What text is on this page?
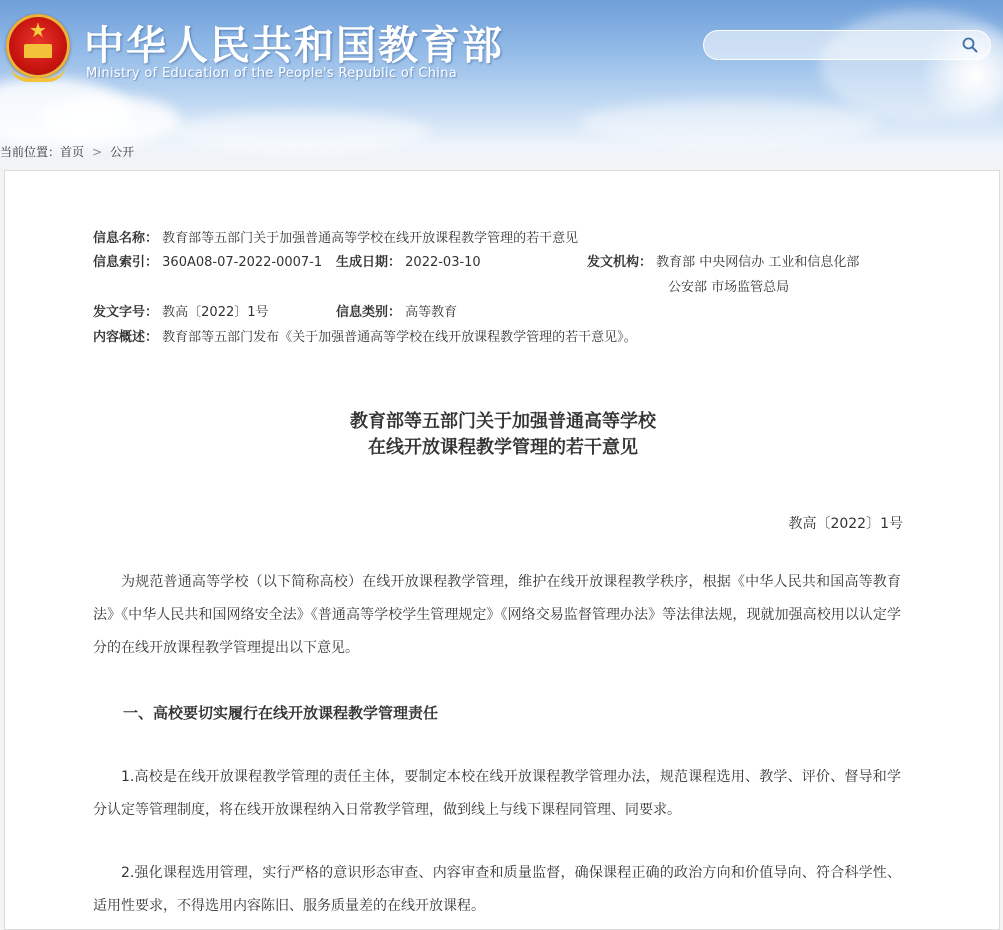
★ 中华人民共和国教育部
Ministry of Education of the People's Republic of China
当前位置：首页 > 公开
信息名称： 教育部等五部门关于加强普通高等学校在线开放课程教学管理的若干意见
信息索引： 360A08-07-2022-0007-1 生成日期： 2022-03-10	发文机构： 教育部 中央网信办 工业和信息化部
公安部 市场监管总局
发文字号： 教高〔2022〕1号	信息类别： 高等教育
内容概述： 教育部等五部门发布《关于加强普通高等学校在线开放课程教学管理的若干意见》。
教育部等五部门关于加强普通高等学校
在线开放课程教学管理的若干意见
教高〔2022〕1号

为规范普通高等学校（以下简称高校）在线开放课程教学管理，维护在线开放课程教学秩序，根据《中华人民共和国高等教育法》《中华人民共和国网络安全法》《普通高等学校学生管理规定》《网络交易监督管理办法》等法律法规，现就加强高校用以认定学分的在线开放课程教学管理提出以下意见。

一、高校要切实履行在线开放课程教学管理责任

1.高校是在线开放课程教学管理的责任主体，要制定本校在线开放课程教学管理办法，规范课程选用、教学、评价、督导和学分认定等管理制度，将在线开放课程纳入日常教学管理，做到线上与线下课程同管理、同要求。

2.强化课程选用管理，实行严格的意识形态审查、内容审查和质量监督，确保课程正确的政治方向和价值导向、符合科学性、适用性要求，不得选用内容陈旧、服务质量差的在线开放课程。
